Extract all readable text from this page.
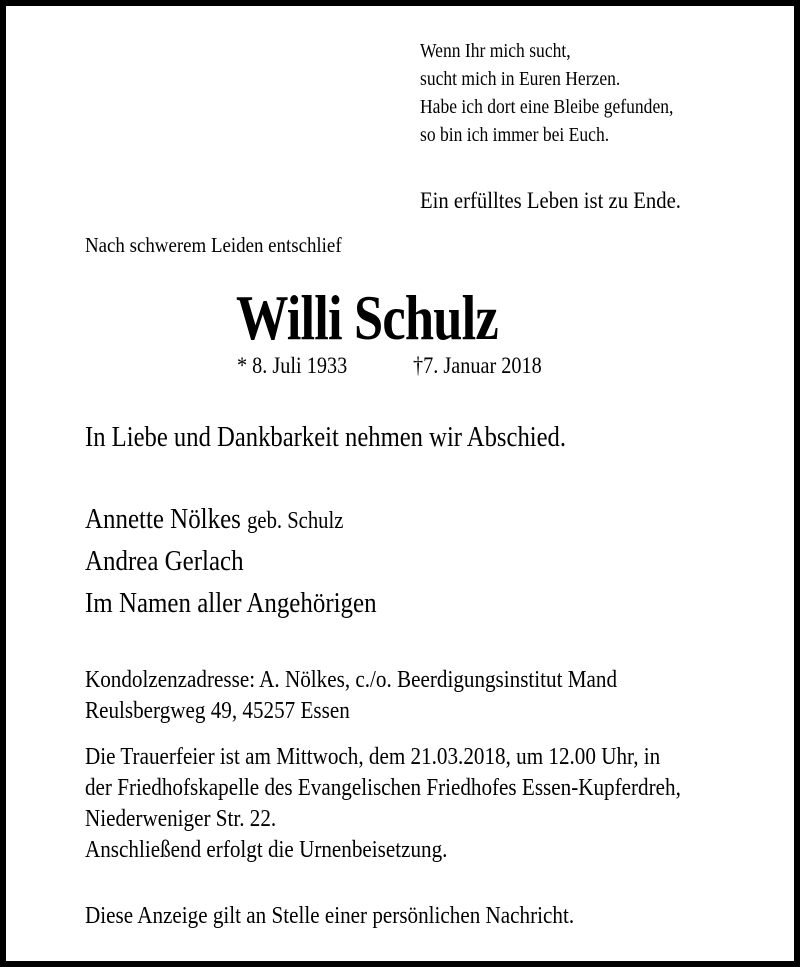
Wenn Ihr mich sucht,
sucht mich in Euren Herzen.
Habe ich dort eine Bleibe gefunden,
so bin ich immer bei Euch.
Ein erfülltes Leben ist zu Ende.
Nach schwerem Leiden entschlief
Willi Schulz
* 8. Juli 1933	†7. Januar 2018
In Liebe und Dankbarkeit nehmen wir Abschied.
Annette Nölkes geb. Schulz
Andrea Gerlach
Im Namen aller Angehörigen
Kondolzenzadresse: A. Nölkes, c./o. Beerdigungsinstitut Mand
Reulsbergweg 49, 45257 Essen
Die Trauerfeier ist am Mittwoch, dem 21.03.2018, um 12.00 Uhr, in
der Friedhofskapelle des Evangelischen Friedhofes Essen-Kupferdreh,
Niederweniger Str. 22.
Anschließend erfolgt die Urnenbeisetzung.
Diese Anzeige gilt an Stelle einer persönlichen Nachricht.
